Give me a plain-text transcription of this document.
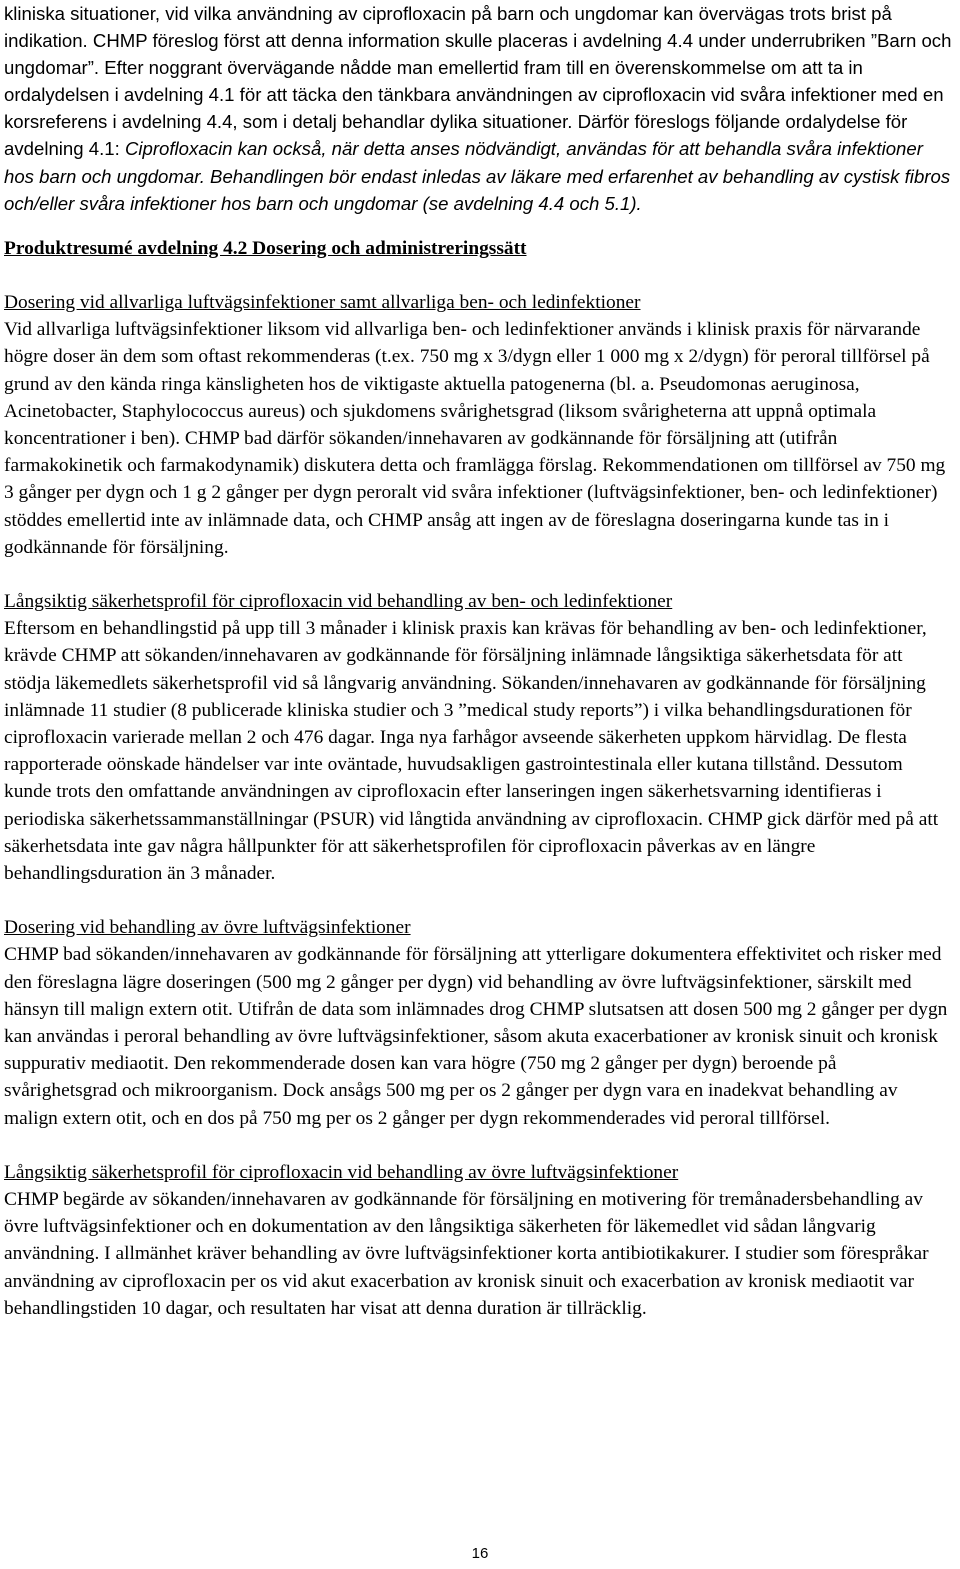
kliniska situationer, vid vilka användning av ciprofloxacin på barn och ungdomar kan övervägas trots brist på indikation. CHMP föreslog först att denna information skulle placeras i avdelning 4.4 under underrubriken ”Barn och ungdomar”. Efter noggrant övervägande nådde man emellertid fram till en överenskommelse om att ta in ordalydelsen i avdelning 4.1 för att täcka den tänkbara användningen av ciprofloxacin vid svåra infektioner med en korsreferens i avdelning 4.4, som i detalj behandlar dylika situationer. Därför föreslogs följande ordalydelse för avdelning 4.1: Ciprofloxacin kan också, när detta anses nödvändigt, användas för att behandla svåra infektioner hos barn och ungdomar. Behandlingen bör endast inledas av läkare med erfarenhet av behandling av cystisk fibros och/eller svåra infektioner hos barn och ungdomar (se avdelning 4.4 och 5.1).

Produktresumé avdelning 4.2 Dosering och administreringssätt

Dosering vid allvarliga luftvägsinfektioner samt allvarliga ben- och ledinfektioner

Vid allvarliga luftvägsinfektioner liksom vid allvarliga ben- och ledinfektioner används i klinisk praxis för närvarande högre doser än dem som oftast rekommenderas (t.ex. 750 mg x 3/dygn eller 1 000 mg x 2/dygn) för peroral tillförsel på grund av den kända ringa känsligheten hos de viktigaste aktuella patogenerna (bl. a. Pseudomonas aeruginosa, Acinetobacter, Staphylococcus aureus) och sjukdomens svårighetsgrad (liksom svårigheterna att uppnå optimala koncentrationer i ben). CHMP bad därför sökanden/innehavaren av godkännande för försäljning att (utifrån farmakokinetik och farmakodynamik) diskutera detta och framlägga förslag. Rekommendationen om tillförsel av 750 mg 3 gånger per dygn och 1 g 2 gånger per dygn peroralt vid svåra infektioner (luftvägsinfektioner, ben- och ledinfektioner) stöddes emellertid inte av inlämnade data, och CHMP ansåg att ingen av de föreslagna doseringarna kunde tas in i godkännande för försäljning.

Långsiktig säkerhetsprofil för ciprofloxacin vid behandling av ben- och ledinfektioner

Eftersom en behandlingstid på upp till 3 månader i klinisk praxis kan krävas för behandling av ben- och ledinfektioner, krävde CHMP att sökanden/innehavaren av godkännande för försäljning inlämnade långsiktiga säkerhetsdata för att stödja läkemedlets säkerhetsprofil vid så långvarig användning. Sökanden/innehavaren av godkännande för försäljning inlämnade 11 studier (8 publicerade kliniska studier och 3 ”medical study reports”) i vilka behandlingsdurationen för ciprofloxacin varierade mellan 2 och 476 dagar. Inga nya farhågor avseende säkerheten uppkom härvidlag. De flesta rapporterade oönskade händelser var inte oväntade, huvudsakligen gastrointestinala eller kutana tillstånd. Dessutom kunde trots den omfattande användningen av ciprofloxacin efter lanseringen ingen säkerhetsvarning identifieras i periodiska säkerhetssammanställningar (PSUR) vid långtida användning av ciprofloxacin. CHMP gick därför med på att säkerhetsdata inte gav några hållpunkter för att säkerhetsprofilen för ciprofloxacin påverkas av en längre behandlingsduration än 3 månader.

Dosering vid behandling av övre luftvägsinfektioner

CHMP bad sökanden/innehavaren av godkännande för försäljning att ytterligare dokumentera effektivitet och risker med den föreslagna lägre doseringen (500 mg 2 gånger per dygn) vid behandling av övre luftvägsinfektioner, särskilt med hänsyn till malign extern otit. Utifrån de data som inlämnades drog CHMP slutsatsen att dosen 500 mg 2 gånger per dygn kan användas i peroral behandling av övre luftvägsinfektioner, såsom akuta exacerbationer av kronisk sinuit och kronisk suppurativ mediaotit. Den rekommenderade dosen kan vara högre (750 mg 2 gånger per dygn) beroende på svårighetsgrad och mikroorganism. Dock ansågs 500 mg per os 2 gånger per dygn vara en inadekvat behandling av malign extern otit, och en dos på 750 mg per os 2 gånger per dygn rekommenderades vid peroral tillförsel.

Långsiktig säkerhetsprofil för ciprofloxacin vid behandling av övre luftvägsinfektioner

CHMP begärde av sökanden/innehavaren av godkännande för försäljning en motivering för tremånadersbehandling av övre luftvägsinfektioner och en dokumentation av den långsiktiga säkerheten för läkemedlet vid sådan långvarig användning. I allmänhet kräver behandling av övre luftvägsinfektioner korta antibiotikakurer. I studier som förespråkar användning av ciprofloxacin per os vid akut exacerbation av kronisk sinuit och exacerbation av kronisk mediaotit var behandlingstiden 10 dagar, och resultaten har visat att denna duration är tillräcklig.

16
